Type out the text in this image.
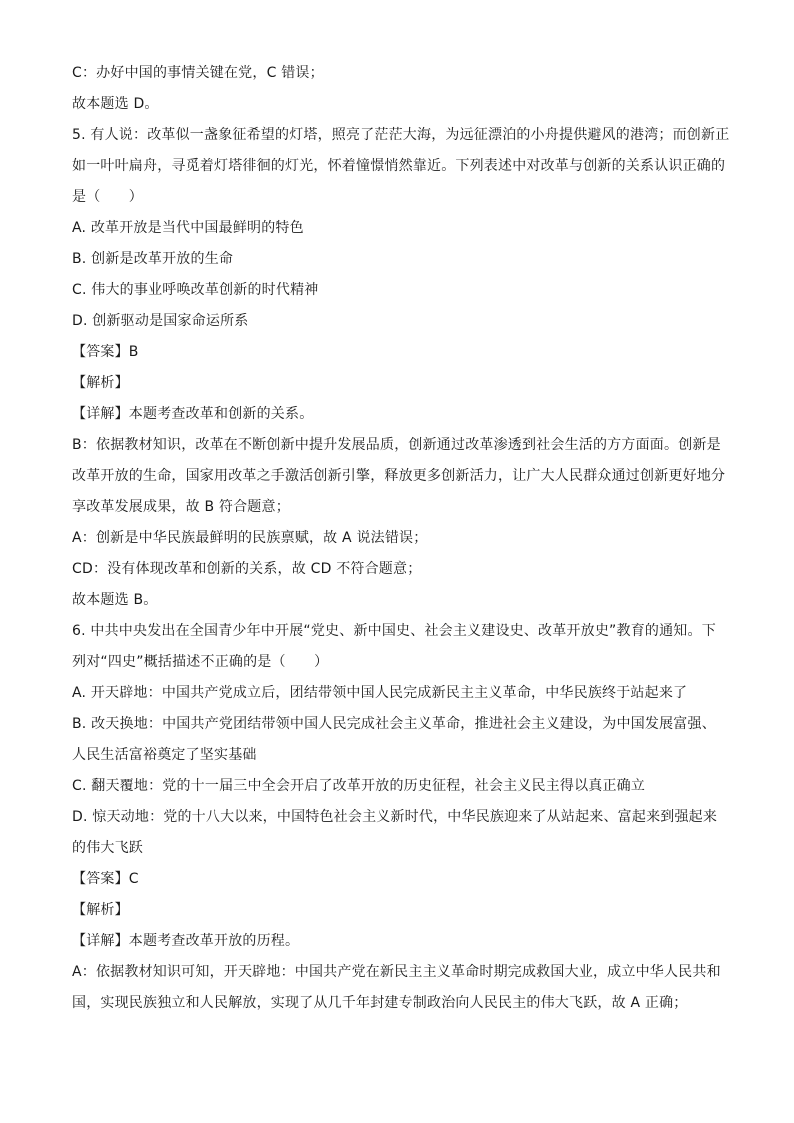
C：办好中国的事情关键在党，C 错误；
故本题选 D。
5. 有人说：改革似一盏象征希望的灯塔，照亮了茫茫大海，为远征漂泊的小舟提供避风的港湾；而创新正
如一叶叶扁舟，寻觅着灯塔徘徊的灯光，怀着憧憬悄然靠近。下列表述中对改革与创新的关系认识正确的
是（　　）
A. 改革开放是当代中国最鲜明的特色
B. 创新是改革开放的生命
C. 伟大的事业呼唤改革创新的时代精神
D. 创新驱动是国家命运所系
【答案】B
【解析】
【详解】本题考查改革和创新的关系。
B：依据教材知识，改革在不断创新中提升发展品质，创新通过改革渗透到社会生活的方方面面。创新是
改革开放的生命，国家用改革之手激活创新引擎，释放更多创新活力，让广大人民群众通过创新更好地分
享改革发展成果，故 B 符合题意；
A：创新是中华民族最鲜明的民族禀赋，故 A 说法错误；
CD：没有体现改革和创新的关系，故 CD 不符合题意；
故本题选 B。
6. 中共中央发出在全国青少年中开展“党史、新中国史、社会主义建设史、改革开放史”教育的通知。下
列对“四史”概括描述不正确的是（　　）
A. 开天辟地：中国共产党成立后，团结带领中国人民完成新民主主义革命，中华民族终于站起来了
B. 改天换地：中国共产党团结带领中国人民完成社会主义革命，推进社会主义建设，为中国发展富强、
人民生活富裕奠定了坚实基础
C. 翻天覆地：党的十一届三中全会开启了改革开放的历史征程，社会主义民主得以真正确立
D. 惊天动地：党的十八大以来，中国特色社会主义新时代，中华民族迎来了从站起来、富起来到强起来
的伟大飞跃
【答案】C
【解析】
【详解】本题考查改革开放的历程。
A：依据教材知识可知，开天辟地：中国共产党在新民主主义革命时期完成救国大业，成立中华人民共和
国，实现民族独立和人民解放，实现了从几千年封建专制政治向人民民主的伟大飞跃，故 A 正确；
